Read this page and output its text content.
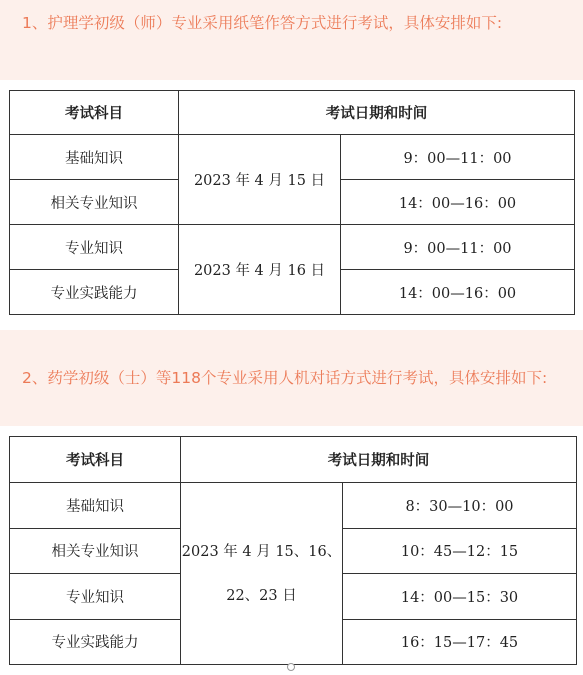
1、护理学初级（师）专业采用纸笔作答方式进行考试，具体安排如下:
考试科目	考试日期和时间	
基础知识	2023 年 4 月 15 日	9：00—11：00
相关专业知识		14：00—16：00
专业知识	2023 年 4 月 16 日	9：00—11：00
专业实践能力		14：00—16：00
2、药学初级（士）等118个专业采用人机对话方式进行考试，具体安排如下:
考试科目	考试日期和时间	
基础知识	2023 年 4 月 15、16、
22、23 日	8：30—10：00
相关专业知识		10：45—12：15
专业知识		14：00—15：30
专业实践能力		16：15—17：45
